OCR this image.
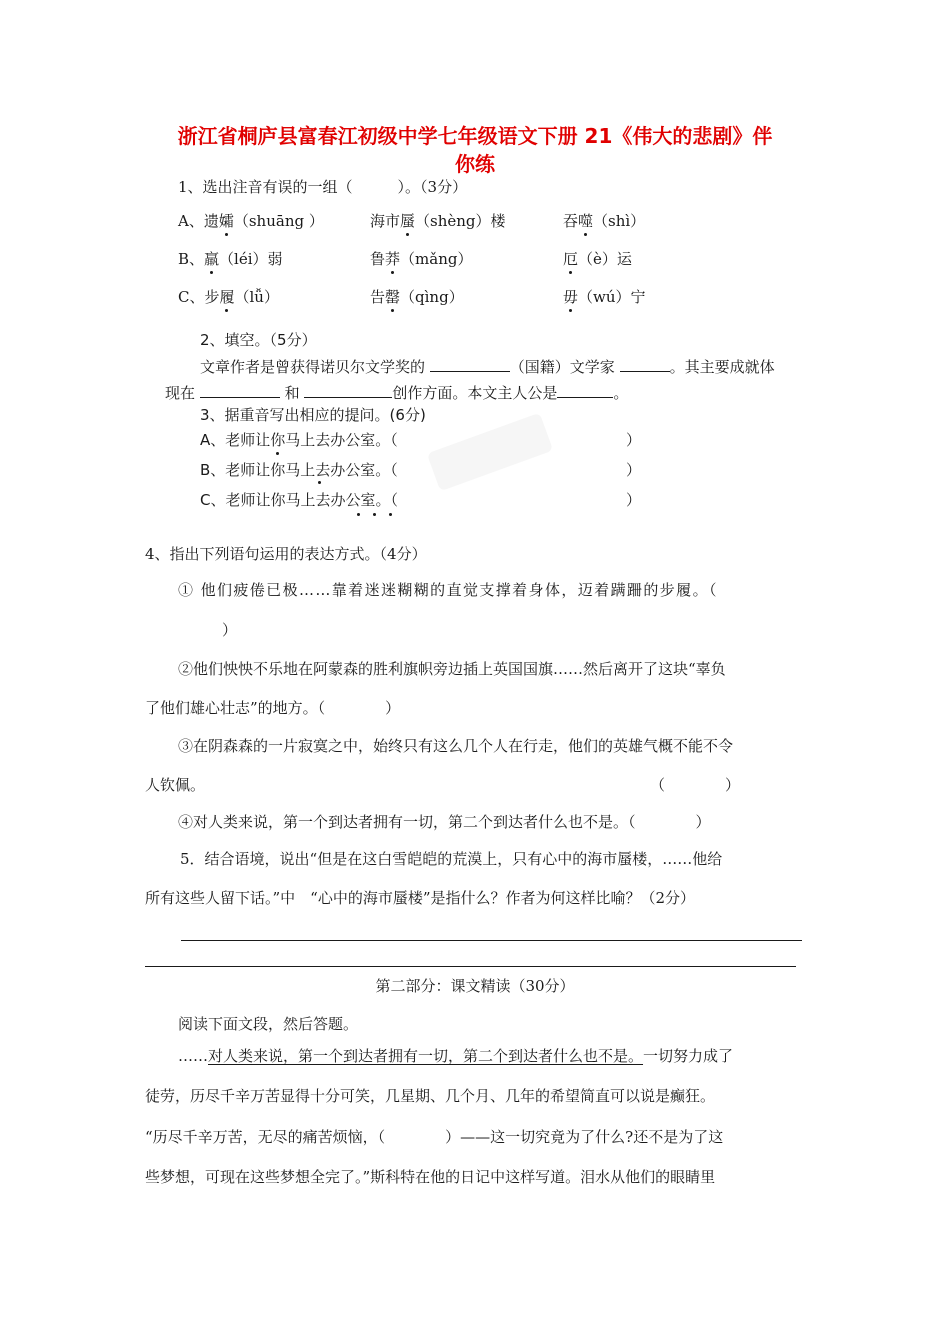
浙江省桐庐县富春江初级中学七年级语文下册 21《伟大的悲剧》伴
你练
1、选出注音有误的一组（　　　）。（3分）
A、遗孀（shuāng ）	海市蜃（shèng）楼	吞噬（shì）
B、羸（léi）弱	鲁莽（mǎng）	厄（è）运
C、步履（lǚ）	告罄（qìng）	毋（wú）宁
2、填空。（5分）
文章作者是曾获得诺贝尔文学奖的	（国籍）文学家	。其主要成就体
现在	和	创作方面。本文主人公是	。
3、据重音写出相应的提问。(6分)
A、老师让你马上去办公室。（	）
B、老师让你马上去办公室。（	）
C、老师让你马上去办公室。（	）
4、指出下列语句运用的表达方式。（4分）
① 他们疲倦已极……靠着迷迷糊糊的直觉支撑着身体，迈着蹒跚的步履。（
）
②他们怏怏不乐地在阿蒙森的胜利旗帜旁边插上英国国旗……然后离开了这块“辜负
了他们雄心壮志”的地方。（　　　　）
③在阴森森的一片寂寞之中，始终只有这么几个人在行走，他们的英雄气概不能不令
人钦佩。	（　　　　）
④对人类来说，第一个到达者拥有一切，第二个到达者什么也不是。（　　　　）
5．结合语境，说出“但是在这白雪皑皑的荒漠上，只有心中的海市蜃楼，……他给
所有这些人留下话。”中　“心中的海市蜃楼”是指什么？作者为何这样比喻？（2分）
第二部分：课文精读（30分）
阅读下面文段，然后答题。
……对人类来说，第一个到达者拥有一切，第二个到达者什么也不是。一切努力成了
徒劳，历尽千辛万苦显得十分可笑，几星期、几个月、几年的希望简直可以说是癫狂。
“历尽千辛万苦，无尽的痛苦烦恼，（　　　　）——这一切究竟为了什么?还不是为了这
些梦想，可现在这些梦想全完了。”斯科特在他的日记中这样写道。泪水从他们的眼睛里
